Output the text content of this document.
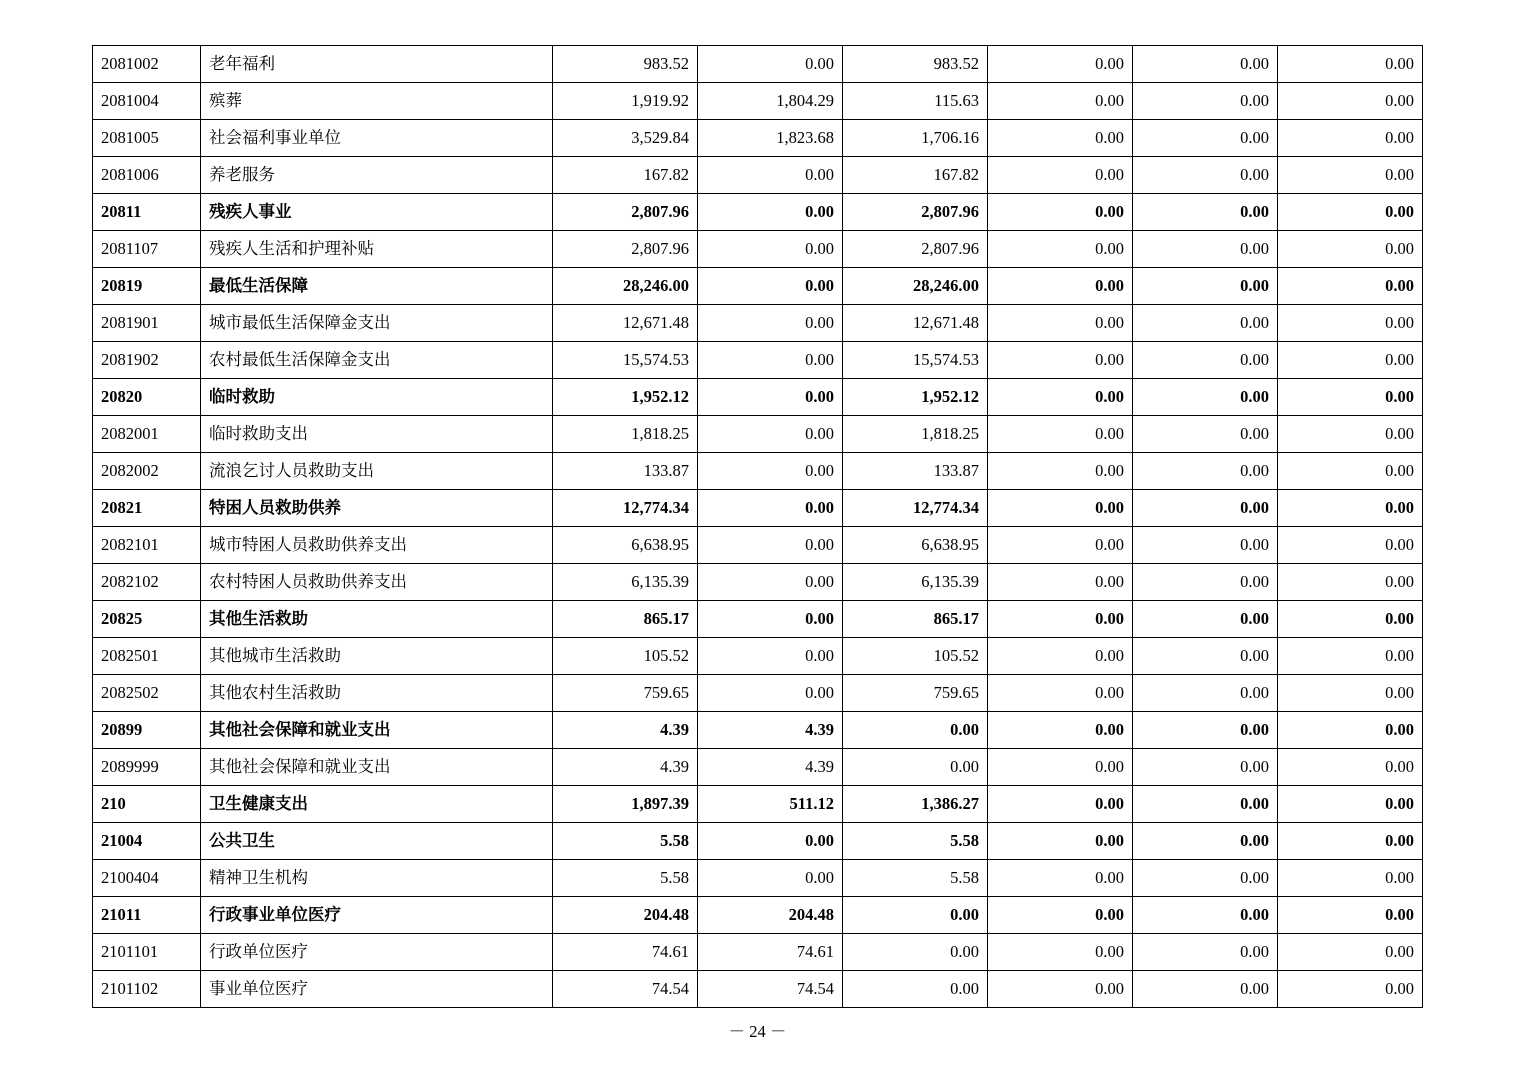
2081002	老年福利	983.52	0.00	983.52	0.00	0.00	0.00
2081004	殡葬	1,919.92	1,804.29	115.63	0.00	0.00	0.00
2081005	社会福利事业单位	3,529.84	1,823.68	1,706.16	0.00	0.00	0.00
2081006	养老服务	167.82	0.00	167.82	0.00	0.00	0.00
20811	残疾人事业	2,807.96	0.00	2,807.96	0.00	0.00	0.00
2081107	残疾人生活和护理补贴	2,807.96	0.00	2,807.96	0.00	0.00	0.00
20819	最低生活保障	28,246.00	0.00	28,246.00	0.00	0.00	0.00
2081901	城市最低生活保障金支出	12,671.48	0.00	12,671.48	0.00	0.00	0.00
2081902	农村最低生活保障金支出	15,574.53	0.00	15,574.53	0.00	0.00	0.00
20820	临时救助	1,952.12	0.00	1,952.12	0.00	0.00	0.00
2082001	临时救助支出	1,818.25	0.00	1,818.25	0.00	0.00	0.00
2082002	流浪乞讨人员救助支出	133.87	0.00	133.87	0.00	0.00	0.00
20821	特困人员救助供养	12,774.34	0.00	12,774.34	0.00	0.00	0.00
2082101	城市特困人员救助供养支出	6,638.95	0.00	6,638.95	0.00	0.00	0.00
2082102	农村特困人员救助供养支出	6,135.39	0.00	6,135.39	0.00	0.00	0.00
20825	其他生活救助	865.17	0.00	865.17	0.00	0.00	0.00
2082501	其他城市生活救助	105.52	0.00	105.52	0.00	0.00	0.00
2082502	其他农村生活救助	759.65	0.00	759.65	0.00	0.00	0.00
20899	其他社会保障和就业支出	4.39	4.39	0.00	0.00	0.00	0.00
2089999	其他社会保障和就业支出	4.39	4.39	0.00	0.00	0.00	0.00
210	卫生健康支出	1,897.39	511.12	1,386.27	0.00	0.00	0.00
21004	公共卫生	5.58	0.00	5.58	0.00	0.00	0.00
2100404	精神卫生机构	5.58	0.00	5.58	0.00	0.00	0.00
21011	行政事业单位医疗	204.48	204.48	0.00	0.00	0.00	0.00
2101101	行政单位医疗	74.61	74.61	0.00	0.00	0.00	0.00
2101102	事业单位医疗	74.54	74.54	0.00	0.00	0.00	0.00
－ 24 －
